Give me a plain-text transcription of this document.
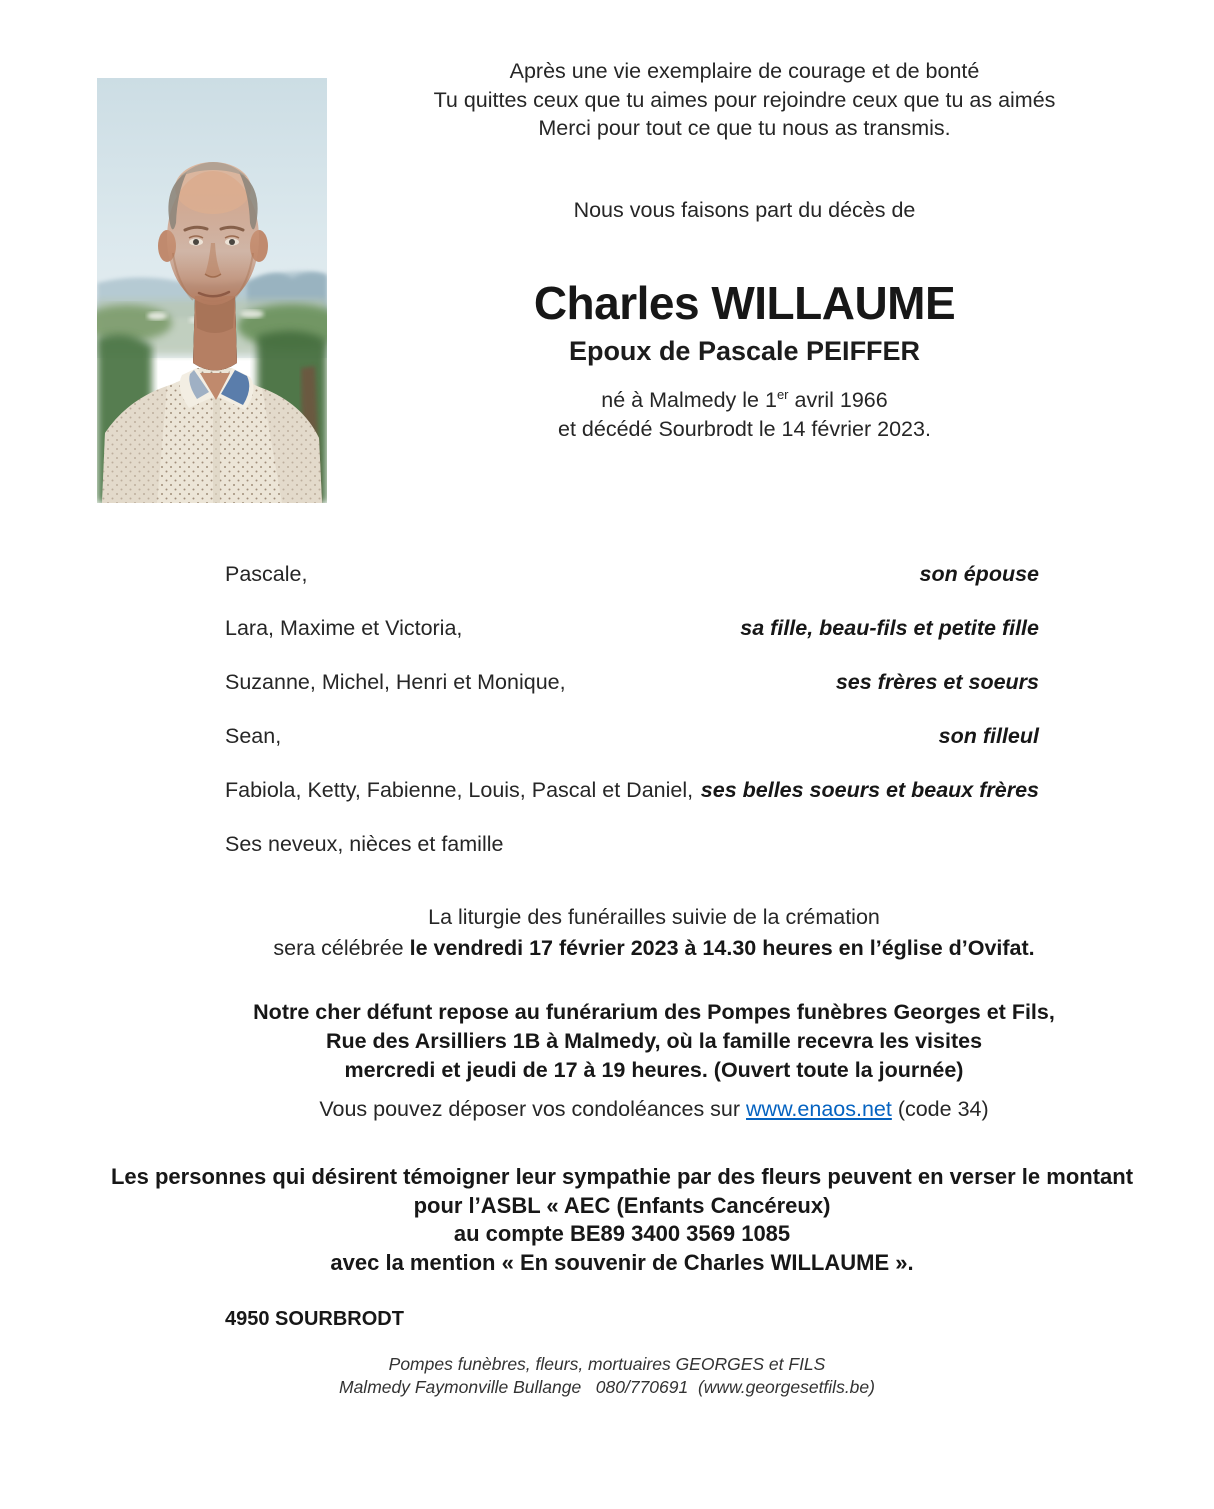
Après une vie exemplaire de courage et de bonté
Tu quittes ceux que tu aimes pour rejoindre ceux que tu as aimés
Merci pour tout ce que tu nous as transmis.
Nous vous faisons part du décès de
Charles WILLAUME
Epoux de Pascale PEIFFER
né à Malmedy le 1er avril 1966
et décédé Sourbrodt le 14 février 2023.
Pascale,	son épouse
Lara, Maxime et Victoria,	sa fille, beau-fils et petite fille
Suzanne, Michel, Henri et Monique,	ses frères et soeurs
Sean,	son filleul
Fabiola, Ketty, Fabienne, Louis, Pascal et Daniel, ses belles soeurs et beaux frères
Ses neveux, nièces et famille
La liturgie des funérailles suivie de la crémation
sera célébrée le vendredi 17 février 2023 à 14.30 heures en l’église d’Ovifat.
Notre cher défunt repose au funérarium des Pompes funèbres Georges et Fils,
Rue des Arsilliers 1B à Malmedy, où la famille recevra les visites
mercredi et jeudi de 17 à 19 heures. (Ouvert toute la journée)
Vous pouvez déposer vos condoléances sur www.enaos.net (code 34)
Les personnes qui désirent témoigner leur sympathie par des fleurs peuvent en verser le montant
pour l’ASBL « AEC (Enfants Cancéreux)
au compte BE89 3400 3569 1085
avec la mention « En souvenir de Charles WILLAUME ».
4950 SOURBRODT
Pompes funèbres, fleurs, mortuaires GEORGES et FILS
Malmedy Faymonville Bullange   080/770691  (www.georgesetfils.be)
